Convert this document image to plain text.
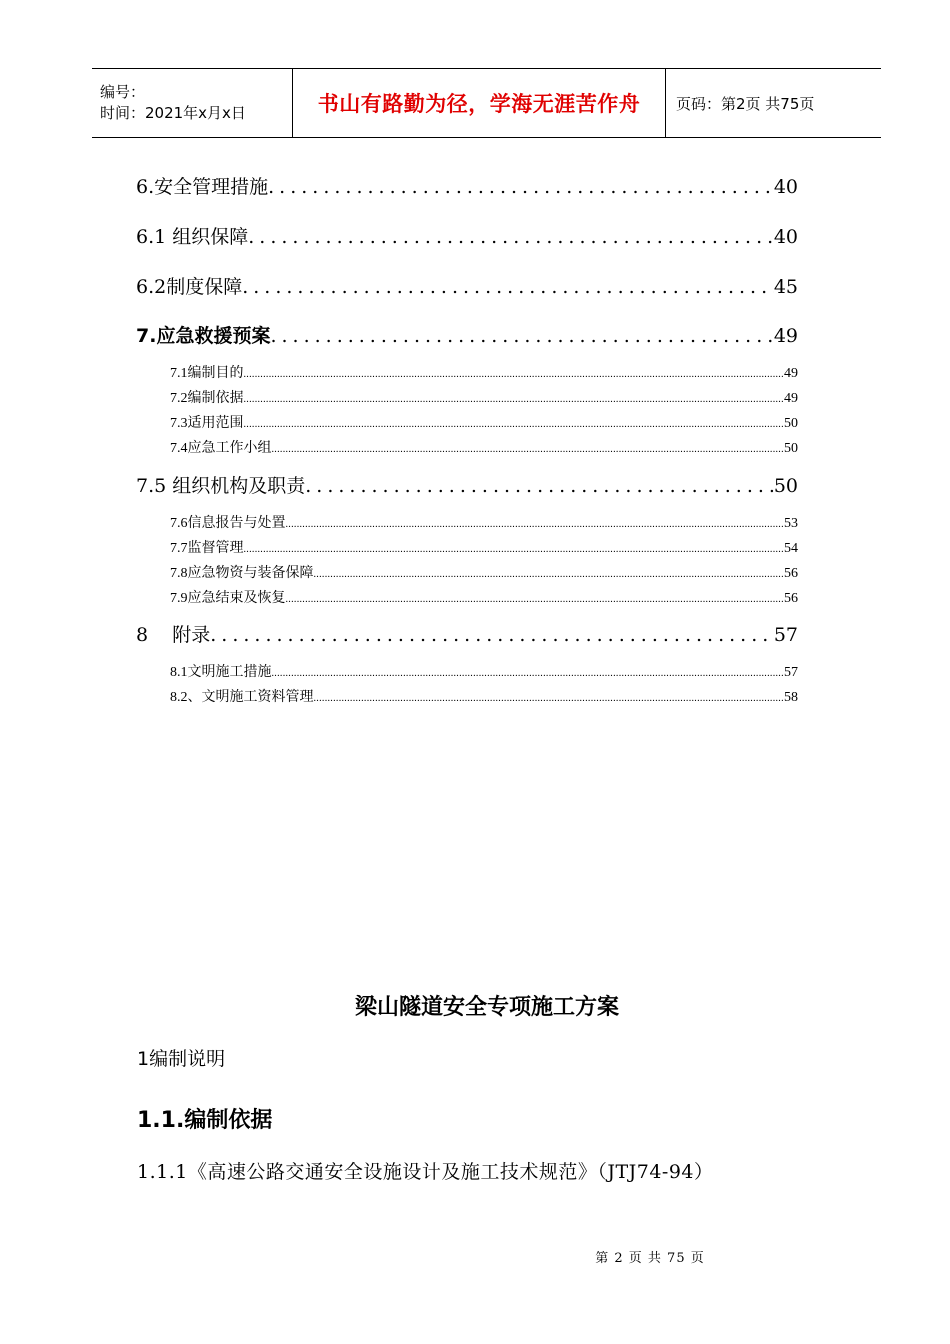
编号：
时间：2021年x月x日	书山有路勤为径，学海无涯苦作舟	页码：第2页 共75页
6.安全管理措施 .....	40
6.1 组织保障 .....	40
6.2制度保障 .....	45
7.应急救援预案 .....	49
7.1编制目的 .....	49
7.2编制依据 .....	49
7.3适用范围 .....	50
7.4应急工作小组 .....	50
7.5 组织机构及职责 .....	50
7.6信息报告与处置 .....	53
7.7监督管理 .....	54
7.8应急物资与装备保障 .....	56
7.9应急结束及恢复 .....	56
8    附录 .....	57
8.1文明施工措施 .....	57
8.2、文明施工资料管理 .....	58
梁山隧道安全专项施工方案
1编制说明
1.1.编制依据
1.1.1《高速公路交通安全设施设计及施工技术规范》（JTJ74-94）
第 2 页 共 75 页
